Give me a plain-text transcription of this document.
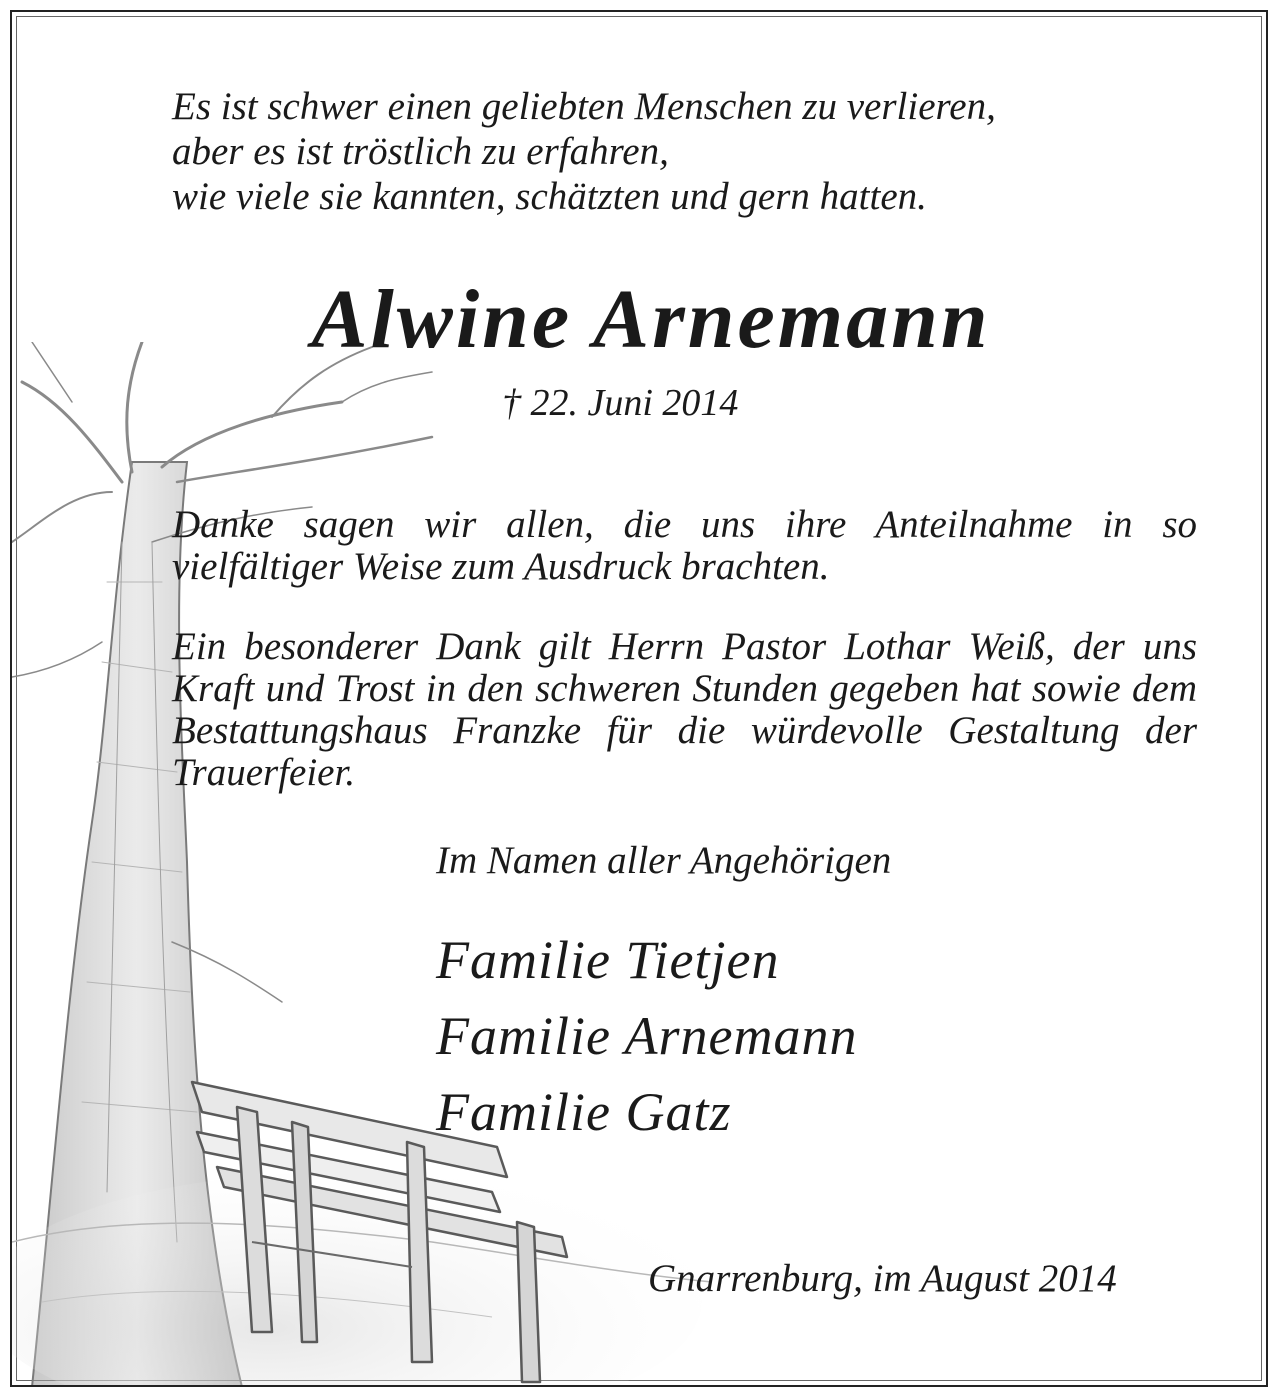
Es ist schwer einen geliebten Menschen zu verlieren,
aber es ist tröstlich zu erfahren,
wie viele sie kannten, schätzten und gern hatten.

Alwine Arnemann

† 22. Juni 2014

Danke sagen wir allen, die uns ihre Anteilnahme in so vielfältiger Weise zum Ausdruck brachten.

Ein besonderer Dank gilt Herrn Pastor Lothar Weiß, der uns Kraft und Trost in den schweren Stunden gegeben hat sowie dem Bestattungshaus Franzke für die würdevolle Gestaltung der Trauerfeier.

Im Namen aller Angehörigen

Familie Tietjen
Familie Arnemann
Familie Gatz

Gnarrenburg, im August 2014
